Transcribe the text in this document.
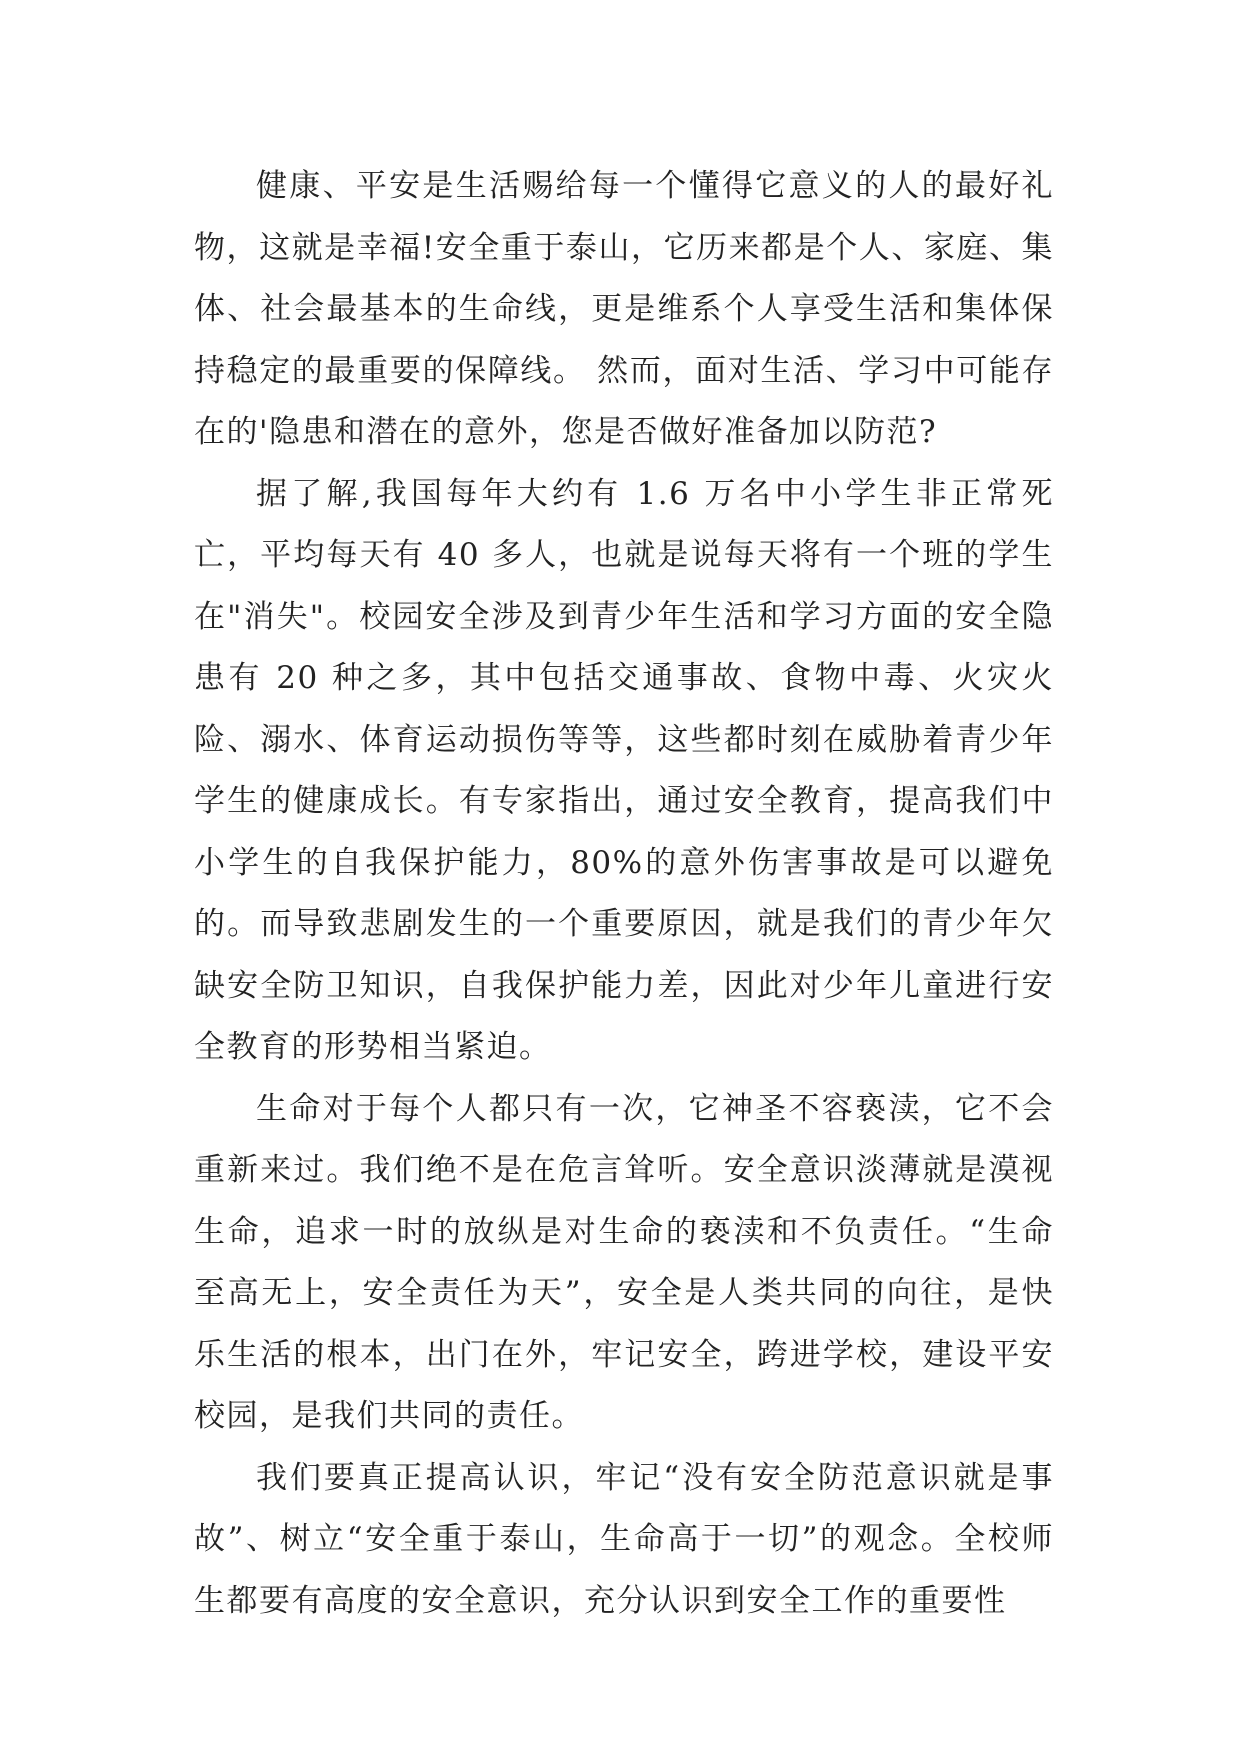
健康、平安是生活赐给每一个懂得它意义的人的最好礼物，这就是幸福!安全重于泰山，它历来都是个人、家庭、集体、社会最基本的生命线，更是维系个人享受生活和集体保持稳定的最重要的保障线。 然而，面对生活、学习中可能存在的'隐患和潜在的意外，您是否做好准备加以防范?

据了解,我国每年大约有 1.6 万名中小学生非正常死亡，平均每天有 40 多人，也就是说每天将有一个班的学生在"消失"。校园安全涉及到青少年生活和学习方面的安全隐患有 20 种之多，其中包括交通事故、食物中毒、火灾火险、溺水、体育运动损伤等等，这些都时刻在威胁着青少年学生的健康成长。有专家指出，通过安全教育，提高我们中小学生的自我保护能力，80%的意外伤害事故是可以避免的。而导致悲剧发生的一个重要原因，就是我们的青少年欠缺安全防卫知识，自我保护能力差，因此对少年儿童进行安全教育的形势相当紧迫。

生命对于每个人都只有一次，它神圣不容亵渎，它不会重新来过。我们绝不是在危言耸听。安全意识淡薄就是漠视生命，追求一时的放纵是对生命的亵渎和不负责任。“生命至高无上，安全责任为天”，安全是人类共同的向往，是快乐生活的根本，出门在外，牢记安全，跨进学校，建设平安校园，是我们共同的责任。

我们要真正提高认识，牢记“没有安全防范意识就是事故”、树立“安全重于泰山，生命高于一切”的观念。全校师生都要有高度的安全意识，充分认识到安全工作的重要性
